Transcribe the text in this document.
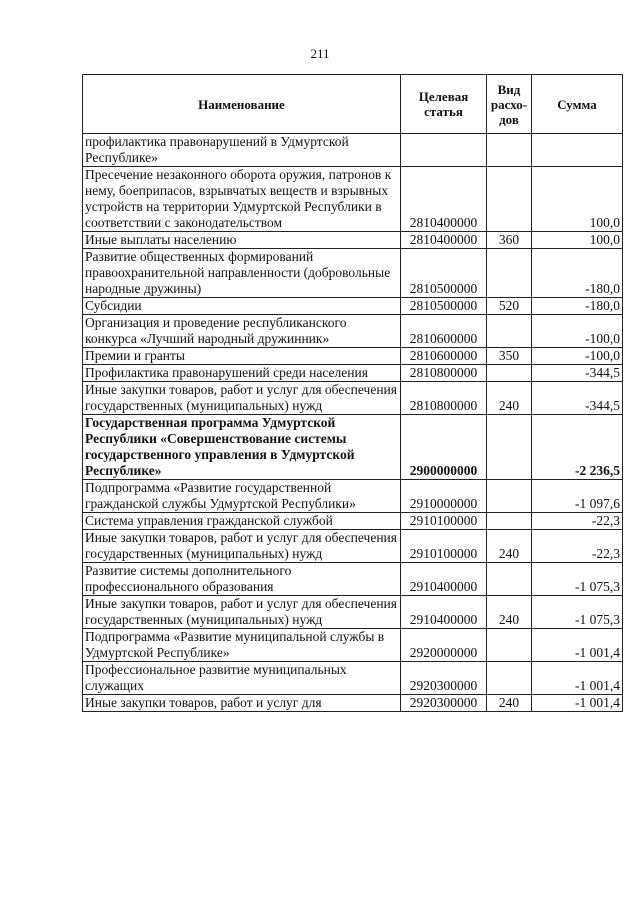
211
Наименование	Целевая статья	Вид расхо-дов	Сумма
профилактика правонарушений в Удмуртской Республике»			
Пресечение незаконного оборота оружия, патронов к нему, боеприпасов, взрывчатых веществ и взрывных устройств на территории Удмуртской Республики в соответствии с законодательством	2810400000		100,0
Иные выплаты населению	2810400000	360	100,0
Развитие общественных формирований правоохранительной направленности (добровольные народные дружины)	2810500000		-180,0
Субсидии	2810500000	520	-180,0
Организация и проведение республиканского конкурса «Лучший народный дружинник»	2810600000		-100,0
Премии и гранты	2810600000	350	-100,0
Профилактика правонарушений среди населения	2810800000		-344,5
Иные закупки товаров, работ и услуг для обеспечения государственных (муниципальных) нужд	2810800000	240	-344,5
Государственная программа Удмуртской Республики «Совершенствование системы государственного управления в Удмуртской Республике»	2900000000		-2 236,5
Подпрограмма «Развитие государственной гражданской службы Удмуртской Республики»	2910000000		-1 097,6
Система управления гражданской службой	2910100000		-22,3
Иные закупки товаров, работ и услуг для обеспечения государственных (муниципальных) нужд	2910100000	240	-22,3
Развитие системы дополнительного профессионального образования	2910400000		-1 075,3
Иные закупки товаров, работ и услуг для обеспечения государственных (муниципальных) нужд	2910400000	240	-1 075,3
Подпрограмма «Развитие муниципальной службы в Удмуртской Республике»	2920000000		-1 001,4
Профессиональное развитие муниципальных служащих	2920300000		-1 001,4
Иные закупки товаров, работ и услуг для	2920300000	240	-1 001,4
